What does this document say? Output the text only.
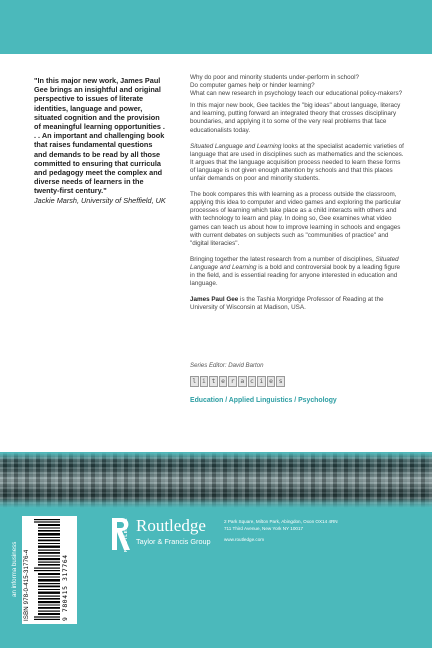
"In this major new work, James Paul Gee brings an insightful and original perspective to issues of literate identities, language and power, situated cognition and the provision of meaningful learning opportunities . . . An important and challenging book that raises fundamental questions and demands to be read by all those committed to ensuring that curricula and pedagogy meet the complex and diverse needs of learners in the twenty-first century."
Jackie Marsh, University of Sheffield, UK

Why do poor and minority students under-perform in school?
Do computer games help or hinder learning?
What can new research in psychology teach our educational policy-makers?

In this major new book, Gee tackles the "big ideas" about language, literacy and learning, putting forward an integrated theory that crosses disciplinary boundaries, and applying it to some of the very real problems that face educationalists today.

Situated Language and Learning looks at the specialist academic varieties of language that are used in disciplines such as mathematics and the sciences. It argues that the language acquisition process needed to learn these forms of language is not given enough attention by schools and that this places unfair demands on poor and minority students.

The book compares this with learning as a process outside the classroom, applying this idea to computer and video games and exploring the particular processes of learning which take place as a child interacts with others and with technology to learn and play. In doing so, Gee examines what video games can teach us about how to improve learning in schools and engages with current debates on subjects such as "communities of practice" and "digital literacies".

Bringing together the latest research from a number of disciplines, Situated Language and Learning is a bold and controversial book by a leading figure in the field, and is essential reading for anyone interested in education and language.

James Paul Gee is the Tashia Morgridge Professor of Reading at the University of Wisconsin at Madison, USA.

Series Editor: David Barton
l i t e r a c i e s
Education / Applied Linguistics / Psychology
an informa business ISBN 978-0-415-31776-4	9 780415 317764
ROUTLEDGE Routledge
Taylor & Francis Group
2 Park Square, Milton Park, Abingdon, Oxon OX14 4RN
711 Third Avenue, New York NY 10017
www.routledge.com
